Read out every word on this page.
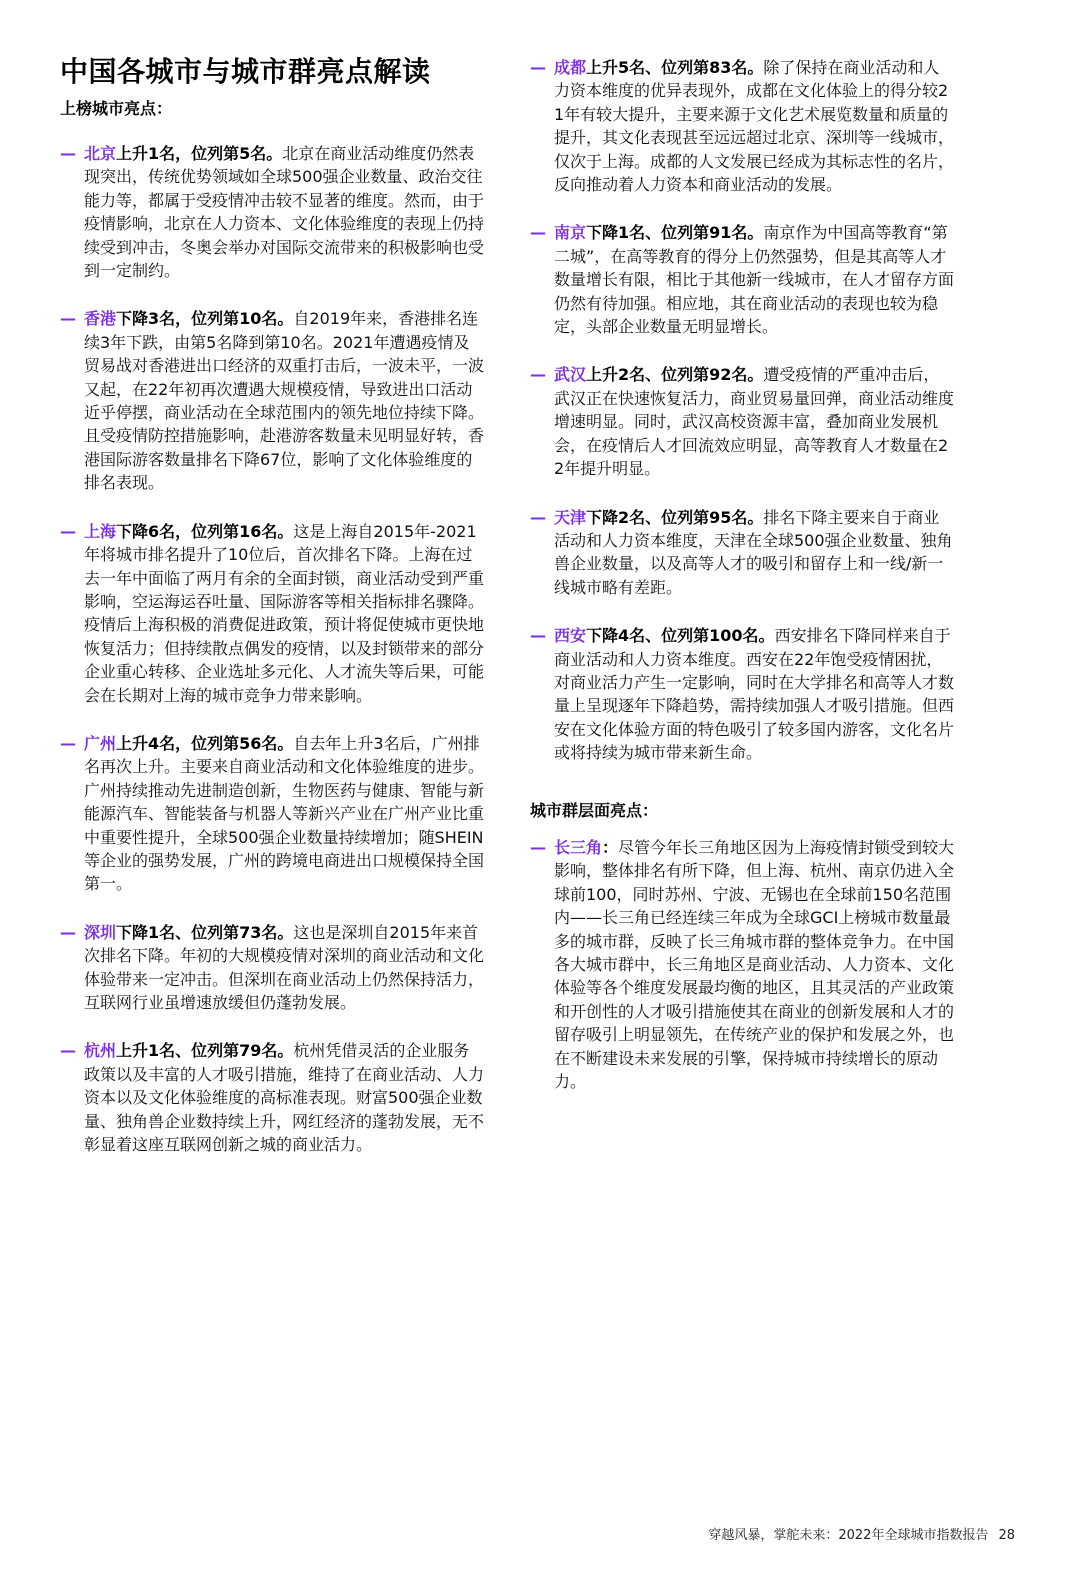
中国各城市与城市群亮点解读
上榜城市亮点：
— 北京上升1名，位列第5名。北京在商业活动维度仍然表现突出，传统优势领域如全球500强企业数量、政治交往能力等，都属于受疫情冲击较不显著的维度。然而，由于疫情影响，北京在人力资本、文化体验维度的表现上仍持续受到冲击，冬奥会举办对国际交流带来的积极影响也受到一定制约。
— 香港下降3名，位列第10名。自2019年来，香港排名连续3年下跌，由第5名降到第10名。2021年遭遇疫情及贸易战对香港进出口经济的双重打击后，一波未平，一波又起，在22年初再次遭遇大规模疫情，导致进出口活动近乎停摆，商业活动在全球范围内的领先地位持续下降。且受疫情防控措施影响，赴港游客数量未见明显好转，香港国际游客数量排名下降67位，影响了文化体验维度的排名表现。
— 上海下降6名，位列第16名。这是上海自2015年-2021年将城市排名提升了10位后，首次排名下降。上海在过去一年中面临了两月有余的全面封锁，商业活动受到严重影响，空运海运吞吐量、国际游客等相关指标排名骤降。疫情后上海积极的消费促进政策，预计将促使城市更快地恢复活力；但持续散点偶发的疫情，以及封锁带来的部分企业重心转移、企业选址多元化、人才流失等后果，可能会在长期对上海的城市竞争力带来影响。
— 广州上升4名，位列第56名。自去年上升3名后，广州排名再次上升。主要来自商业活动和文化体验维度的进步。广州持续推动先进制造创新，生物医药与健康、智能与新能源汽车、智能装备与机器人等新兴产业在广州产业比重中重要性提升，全球500强企业数量持续增加；随SHEIN等企业的强势发展，广州的跨境电商进出口规模保持全国第一。
— 深圳下降1名、位列第73名。这也是深圳自2015年来首次排名下降。年初的大规模疫情对深圳的商业活动和文化体验带来一定冲击。但深圳在商业活动上仍然保持活力，互联网行业虽增速放缓但仍蓬勃发展。
— 杭州上升1名、位列第79名。杭州凭借灵活的企业服务政策以及丰富的人才吸引措施，维持了在商业活动、人力资本以及文化体验维度的高标准表现。财富500强企业数量、独角兽企业数持续上升，网红经济的蓬勃发展，无不彰显着这座互联网创新之城的商业活力。
— 成都上升5名、位列第83名。除了保持在商业活动和人力资本维度的优异表现外，成都在文化体验上的得分较21年有较大提升，主要来源于文化艺术展览数量和质量的提升，其文化表现甚至远远超过北京、深圳等一线城市，仅次于上海。成都的人文发展已经成为其标志性的名片，反向推动着人力资本和商业活动的发展。
— 南京下降1名、位列第91名。南京作为中国高等教育“第二城”，在高等教育的得分上仍然强势，但是其高等人才数量增长有限，相比于其他新一线城市，在人才留存方面仍然有待加强。相应地，其在商业活动的表现也较为稳定，头部企业数量无明显增长。
— 武汉上升2名、位列第92名。遭受疫情的严重冲击后，武汉正在快速恢复活力，商业贸易量回弹，商业活动维度增速明显。同时，武汉高校资源丰富，叠加商业发展机会，在疫情后人才回流效应明显，高等教育人才数量在22年提升明显。
— 天津下降2名、位列第95名。排名下降主要来自于商业活动和人力资本维度，天津在全球500强企业数量、独角兽企业数量，以及高等人才的吸引和留存上和一线/新一线城市略有差距。
— 西安下降4名、位列第100名。西安排名下降同样来自于商业活动和人力资本维度。西安在22年饱受疫情困扰，对商业活力产生一定影响，同时在大学排名和高等人才数量上呈现逐年下降趋势，需持续加强人才吸引措施。但西安在文化体验方面的特色吸引了较多国内游客，文化名片或将持续为城市带来新生命。
城市群层面亮点：
— 长三角：尽管今年长三角地区因为上海疫情封锁受到较大影响，整体排名有所下降，但上海、杭州、南京仍进入全球前100，同时苏州、宁波、无锡也在全球前150名范围内——长三角已经连续三年成为全球GCI上榜城市数量最多的城市群，反映了长三角城市群的整体竞争力。在中国各大城市群中，长三角地区是商业活动、人力资本、文化体验等各个维度发展最均衡的地区，且其灵活的产业政策和开创性的人才吸引措施使其在商业的创新发展和人才的留存吸引上明显领先，在传统产业的保护和发展之外，也在不断建设未来发展的引擎，保持城市持续增长的原动力。
穿越风暴，掌舵未来：2022年全球城市指数报告 28
